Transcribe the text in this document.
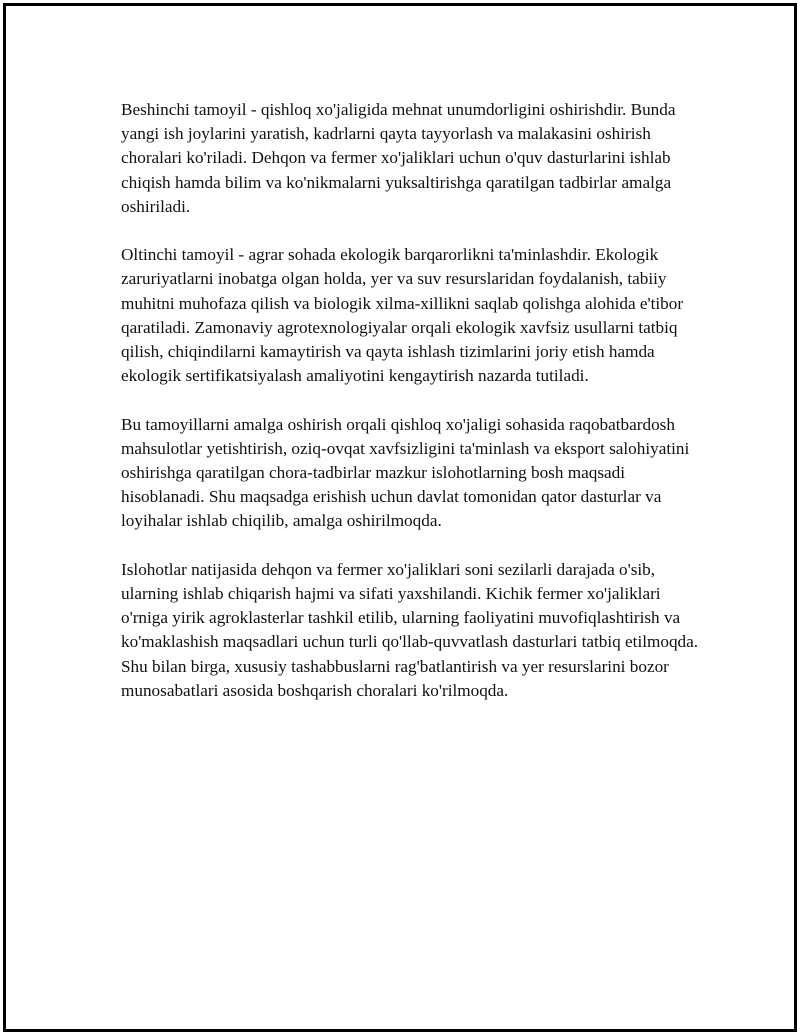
Beshinchi tamoyil - qishloq xo'jaligida mehnat unumdorligini oshirishdir. Bunda yangi ish joylarini yaratish, kadrlarni qayta tayyorlash va malakasini oshirish choralari ko'riladi. Dehqon va fermer xo'jaliklari uchun o'quv dasturlarini ishlab chiqish hamda bilim va ko'nikmalarni yuksaltirishga qaratilgan tadbirlar amalga oshiriladi.

Oltinchi tamoyil - agrar sohada ekologik barqarorlikni ta'minlashdir. Ekologik zaruriyatlarni inobatga olgan holda, yer va suv resurslaridan foydalanish, tabiiy muhitni muhofaza qilish va biologik xilma-xillikni saqlab qolishga alohida e'tibor qaratiladi. Zamonaviy agrotexnologiyalar orqali ekologik xavfsiz usullarni tatbiq qilish, chiqindilarni kamaytirish va qayta ishlash tizimlarini joriy etish hamda ekologik sertifikatsiyalash amaliyotini kengaytirish nazarda tutiladi.

Bu tamoyillarni amalga oshirish orqali qishloq xo'jaligi sohasida raqobatbardosh mahsulotlar yetishtirish, oziq-ovqat xavfsizligini ta'minlash va eksport salohiyatini oshirishga qaratilgan chora-tadbirlar mazkur islohotlarning bosh maqsadi hisoblanadi. Shu maqsadga erishish uchun davlat tomonidan qator dasturlar va loyihalar ishlab chiqilib, amalga oshirilmoqda.

Islohotlar natijasida dehqon va fermer xo'jaliklari soni sezilarli darajada o'sib, ularning ishlab chiqarish hajmi va sifati yaxshilandi. Kichik fermer xo'jaliklari o'rniga yirik agroklasterlar tashkil etilib, ularning faoliyatini muvofiqlashtirish va ko'maklashish maqsadlari uchun turli qo'llab-quvvatlash dasturlari tatbiq etilmoqda. Shu bilan birga, xususiy tashabbuslarni rag'batlantirish va yer resurslarini bozor munosabatlari asosida boshqarish choralari ko'rilmoqda.
